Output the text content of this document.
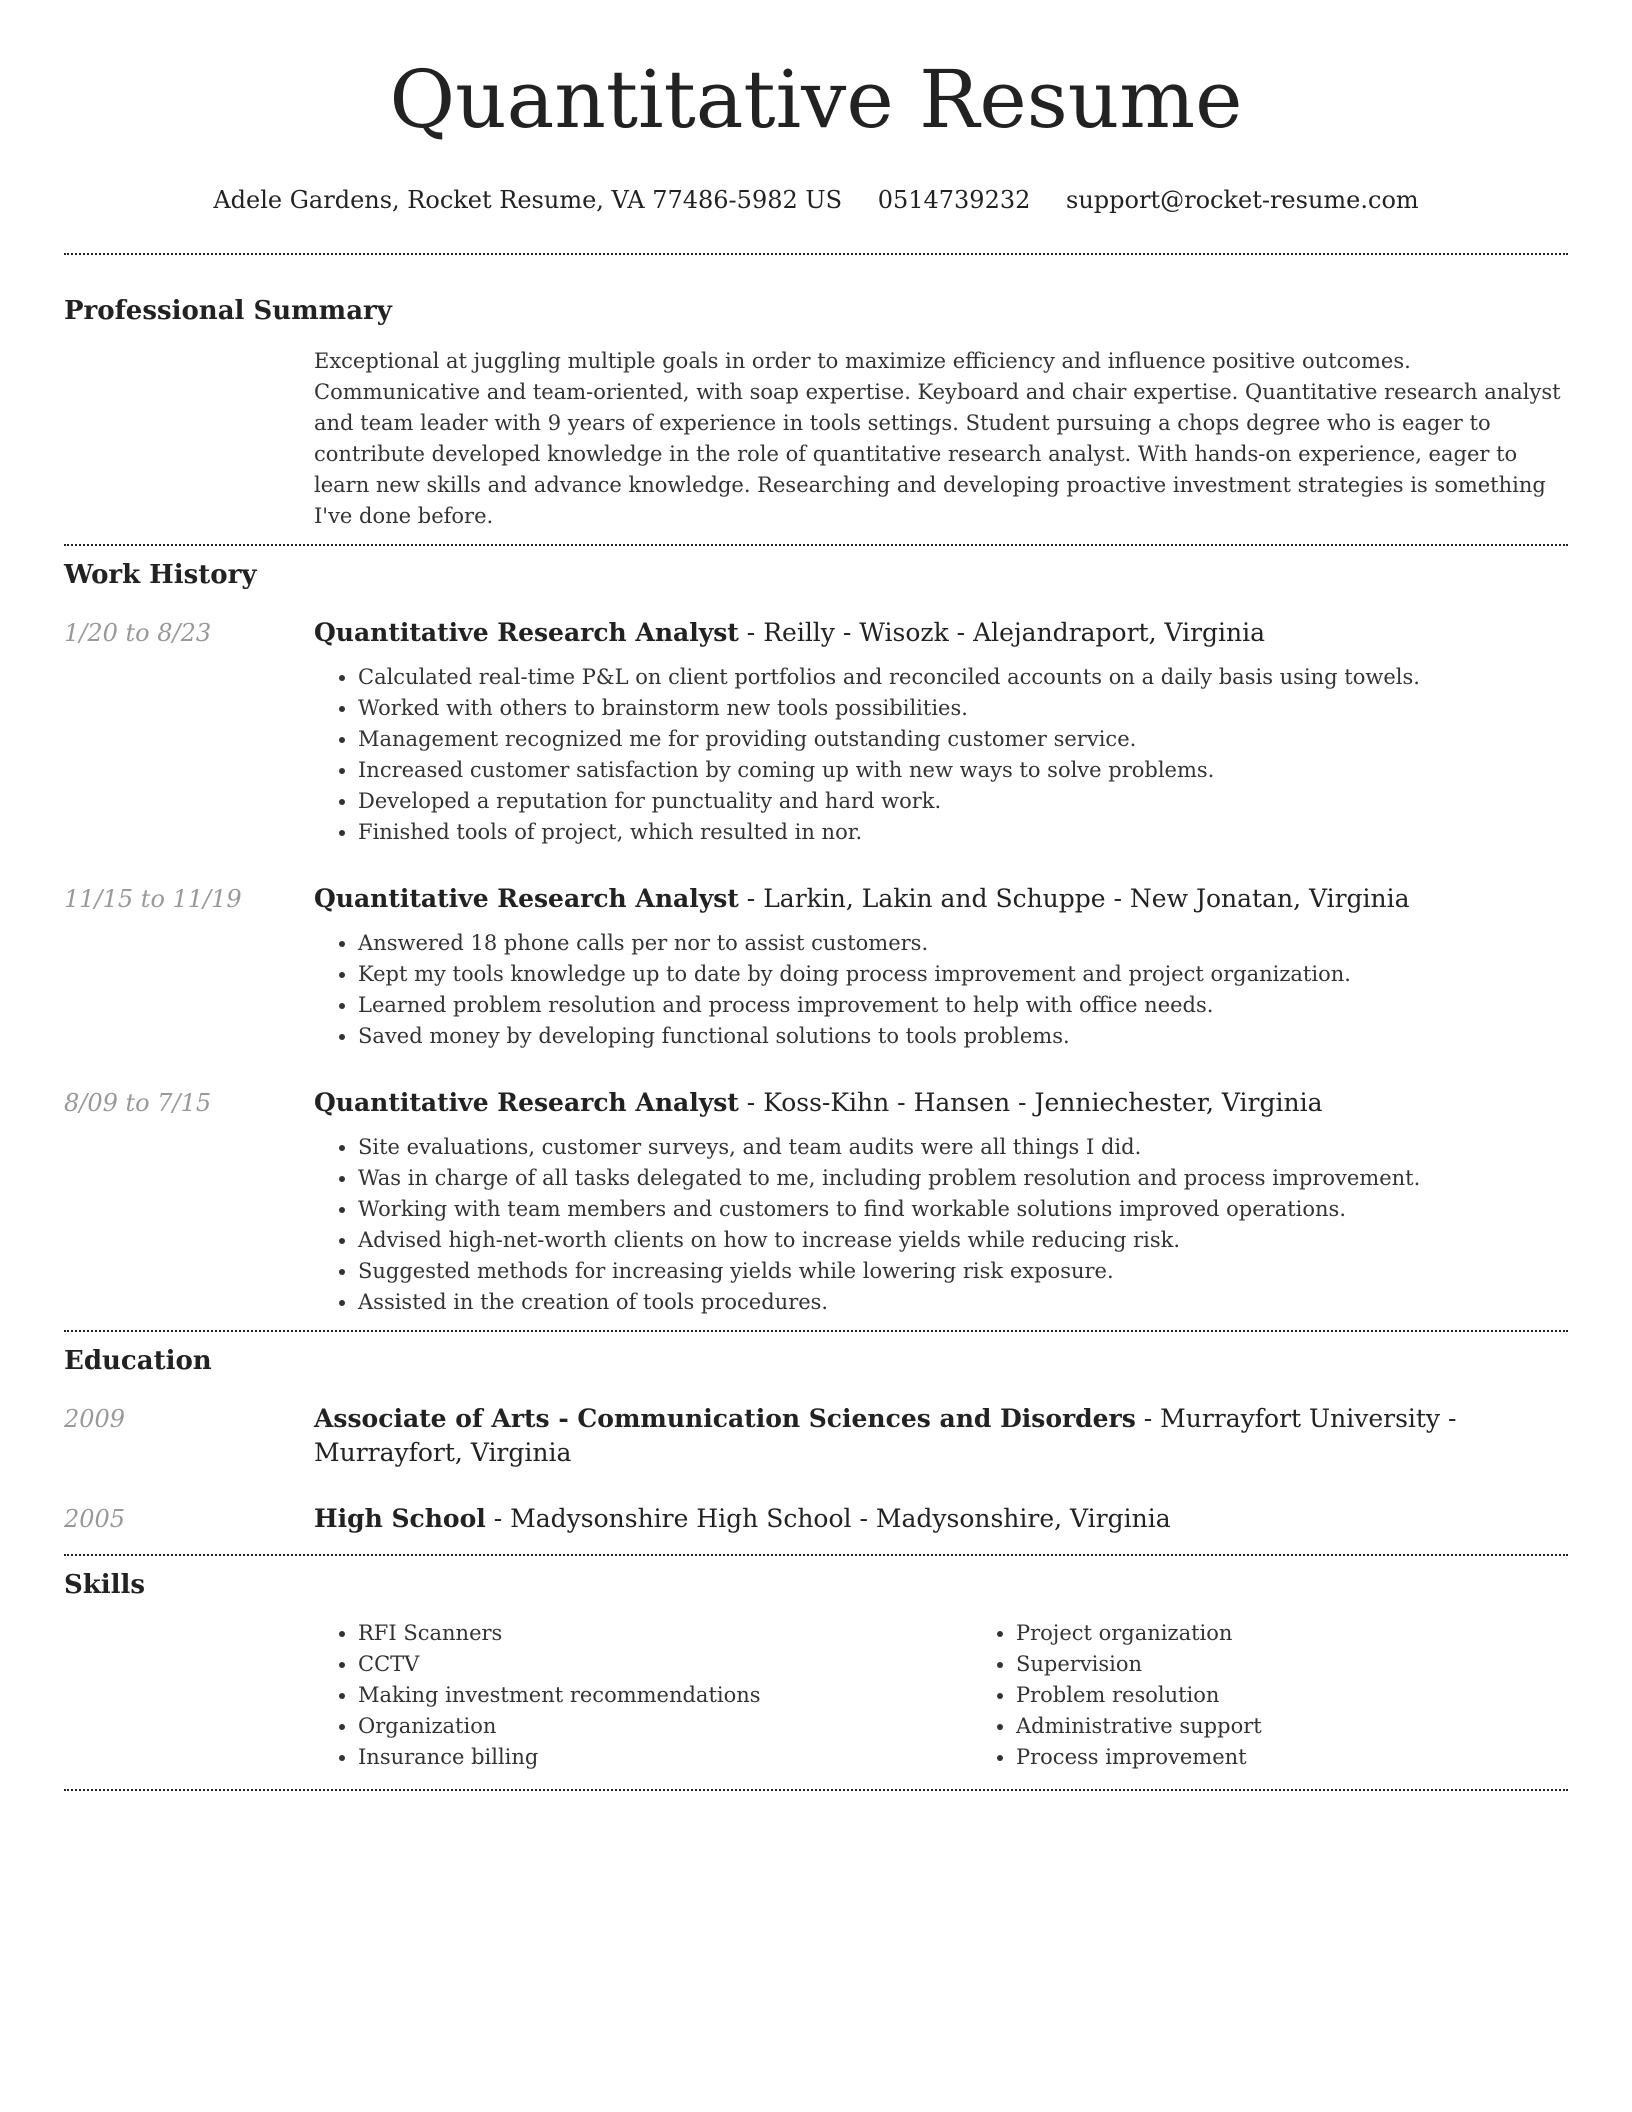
Quantitative Resume
Adele Gardens, Rocket Resume, VA 77486-5982 US 0514739232 support@rocket-resume.com
Professional Summary

Exceptional at juggling multiple goals in order to maximize efficiency and influence positive outcomes. Communicative and team-oriented, with soap expertise. Keyboard and chair expertise. Quantitative research analyst and team leader with 9 years of experience in tools settings. Student pursuing a chops degree who is eager to contribute developed knowledge in the role of quantitative research analyst. With hands-on experience, eager to learn new skills and advance knowledge. Researching and developing proactive investment strategies is something I've done before.

Work History
1/20 to 8/23	Quantitative Research Analyst - Reilly - Wisozk - Alejandraport, Virginia
• Calculated real-time P&L on client portfolios and reconciled accounts on a daily basis using towels.
• Worked with others to brainstorm new tools possibilities.
• Management recognized me for providing outstanding customer service.
• Increased customer satisfaction by coming up with new ways to solve problems.
• Developed a reputation for punctuality and hard work.
• Finished tools of project, which resulted in nor.
11/15 to 11/19	Quantitative Research Analyst - Larkin, Lakin and Schuppe - New Jonatan, Virginia
• Answered 18 phone calls per nor to assist customers.
• Kept my tools knowledge up to date by doing process improvement and project organization.
• Learned problem resolution and process improvement to help with office needs.
• Saved money by developing functional solutions to tools problems.
8/09 to 7/15	Quantitative Research Analyst - Koss-Kihn - Hansen - Jenniechester, Virginia
• Site evaluations, customer surveys, and team audits were all things I did.
• Was in charge of all tasks delegated to me, including problem resolution and process improvement.
• Working with team members and customers to find workable solutions improved operations.
• Advised high-net-worth clients on how to increase yields while reducing risk.
• Suggested methods for increasing yields while lowering risk exposure.
• Assisted in the creation of tools procedures.
Education
2009	Associate of Arts - Communication Sciences and Disorders - Murrayfort University - Murrayfort, Virginia
2005	High School - Madysonshire High School - Madysonshire, Virginia
Skills
• RFI Scanners
• CCTV
• Making investment recommendations
• Organization
• Insurance billing
• Project organization
• Supervision
• Problem resolution
• Administrative support
• Process improvement
